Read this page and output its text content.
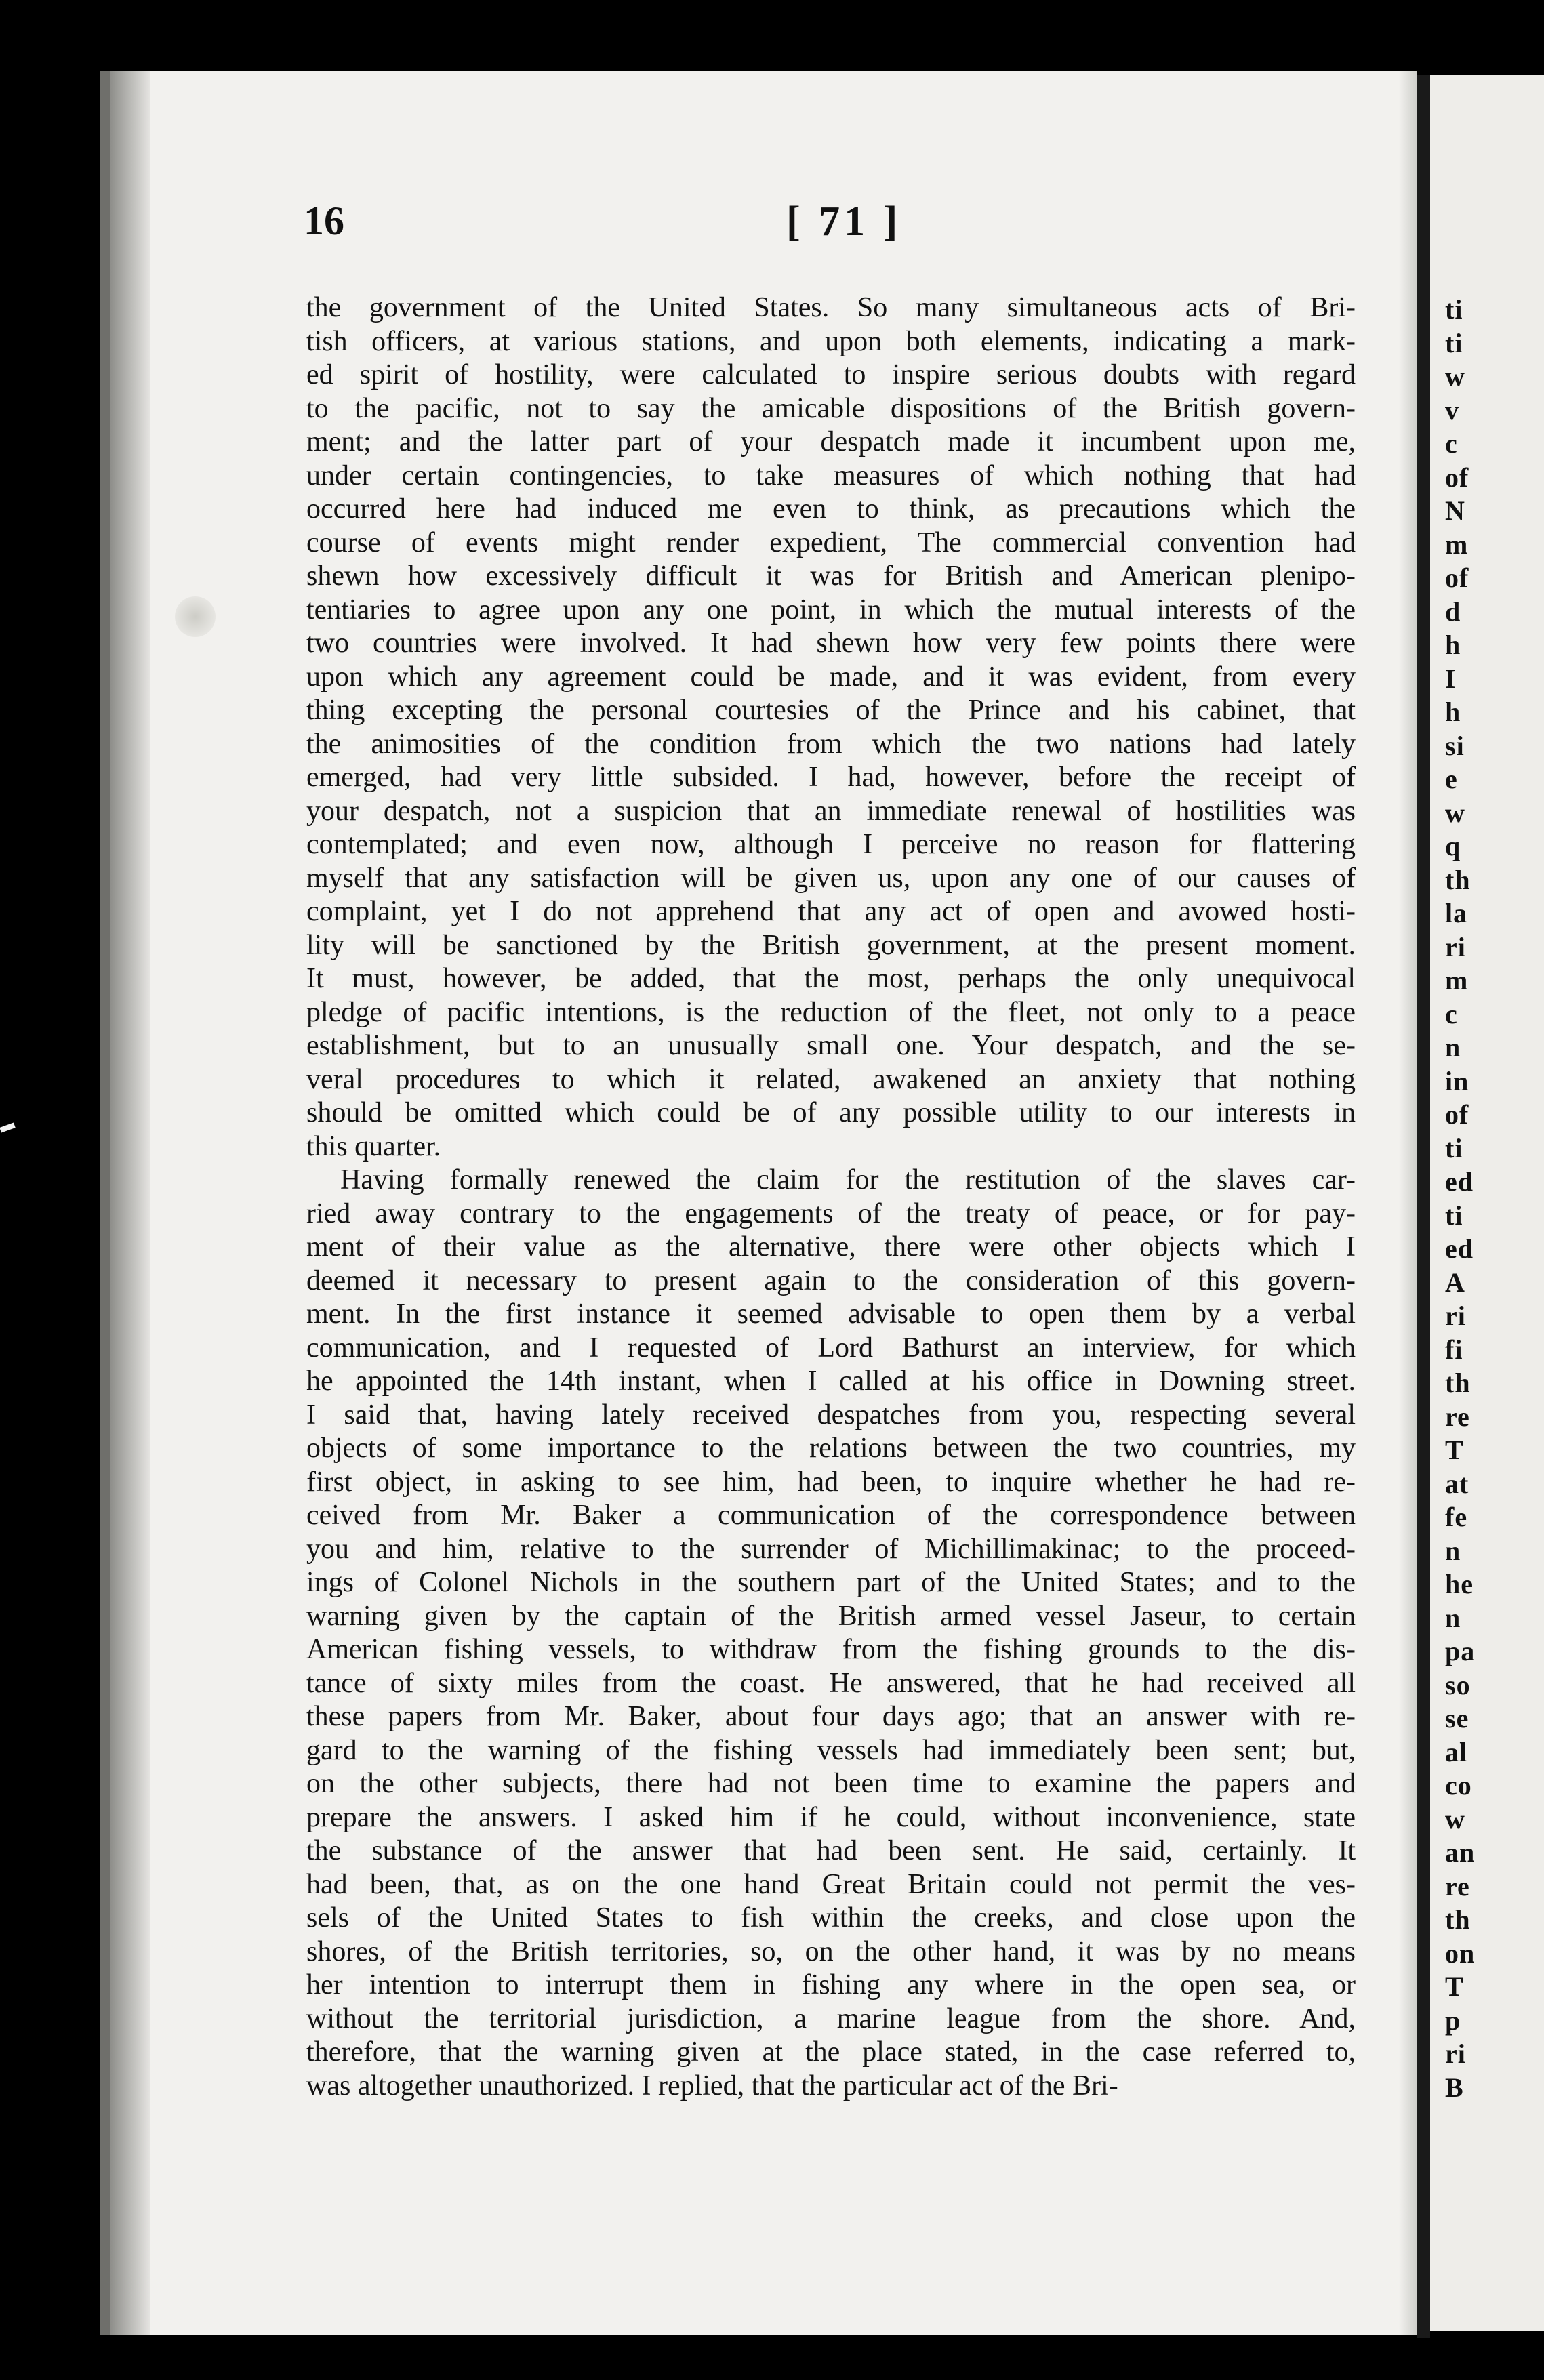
ti
ti
w
v
c
of
N
m
of
d
h
I
h
si
e
w
q
th
la
ri
m
c
n
in
of
ti
ed
ti
ed
A
ri
fi
th
re
T
at
fe
n
he
n
pa
so
se
al
co
w
an
re
th
on
T
p
ri
B
16	[ 71 ]
the government of the United States. So many simultaneous acts of Bri-
tish officers, at various stations, and upon both elements, indicating a mark-
ed spirit of hostility, were calculated to inspire serious doubts with regard
to the pacific, not to say the amicable dispositions of the British govern-
ment; and the latter part of your despatch made it incumbent upon me,
under certain contingencies, to take measures of which nothing that had
occurred here had induced me even to think, as precautions which the
course of events might render expedient, The commercial convention had
shewn how excessively difficult it was for British and American plenipo-
tentiaries to agree upon any one point, in which the mutual interests of the
two countries were involved. It had shewn how very few points there were
upon which any agreement could be made, and it was evident, from every
thing excepting the personal courtesies of the Prince and his cabinet, that
the animosities of the condition from which the two nations had lately
emerged, had very little subsided. I had, however, before the receipt of
your despatch, not a suspicion that an immediate renewal of hostilities was
contemplated; and even now, although I perceive no reason for flattering
myself that any satisfaction will be given us, upon any one of our causes of
complaint, yet I do not apprehend that any act of open and avowed hosti-
lity will be sanctioned by the British government, at the present moment.
It must, however, be added, that the most, perhaps the only unequivocal
pledge of pacific intentions, is the reduction of the fleet, not only to a peace
establishment, but to an unusually small one. Your despatch, and the se-
veral procedures to which it related, awakened an anxiety that nothing
should be omitted which could be of any possible utility to our interests in
this quarter.
Having formally renewed the claim for the restitution of the slaves car-
ried away contrary to the engagements of the treaty of peace, or for pay-
ment of their value as the alternative, there were other objects which I
deemed it necessary to present again to the consideration of this govern-
ment. In the first instance it seemed advisable to open them by a verbal
communication, and I requested of Lord Bathurst an interview, for which
he appointed the 14th instant, when I called at his office in Downing street.
I said that, having lately received despatches from you, respecting several
objects of some importance to the relations between the two countries, my
first object, in asking to see him, had been, to inquire whether he had re-
ceived from Mr. Baker a communication of the correspondence between
you and him, relative to the surrender of Michillimakinac; to the proceed-
ings of Colonel Nichols in the southern part of the United States; and to the
warning given by the captain of the British armed vessel Jaseur, to certain
American fishing vessels, to withdraw from the fishing grounds to the dis-
tance of sixty miles from the coast. He answered, that he had received all
these papers from Mr. Baker, about four days ago; that an answer with re-
gard to the warning of the fishing vessels had immediately been sent; but,
on the other subjects, there had not been time to examine the papers and
prepare the answers. I asked him if he could, without inconvenience, state
the substance of the answer that had been sent. He said, certainly. It
had been, that, as on the one hand Great Britain could not permit the ves-
sels of the United States to fish within the creeks, and close upon the
shores, of the British territories, so, on the other hand, it was by no means
her intention to interrupt them in fishing any where in the open sea, or
without the territorial jurisdiction, a marine league from the shore. And,
therefore, that the warning given at the place stated, in the case referred to,
was altogether unauthorized. I replied, that the particular act of the Bri-
